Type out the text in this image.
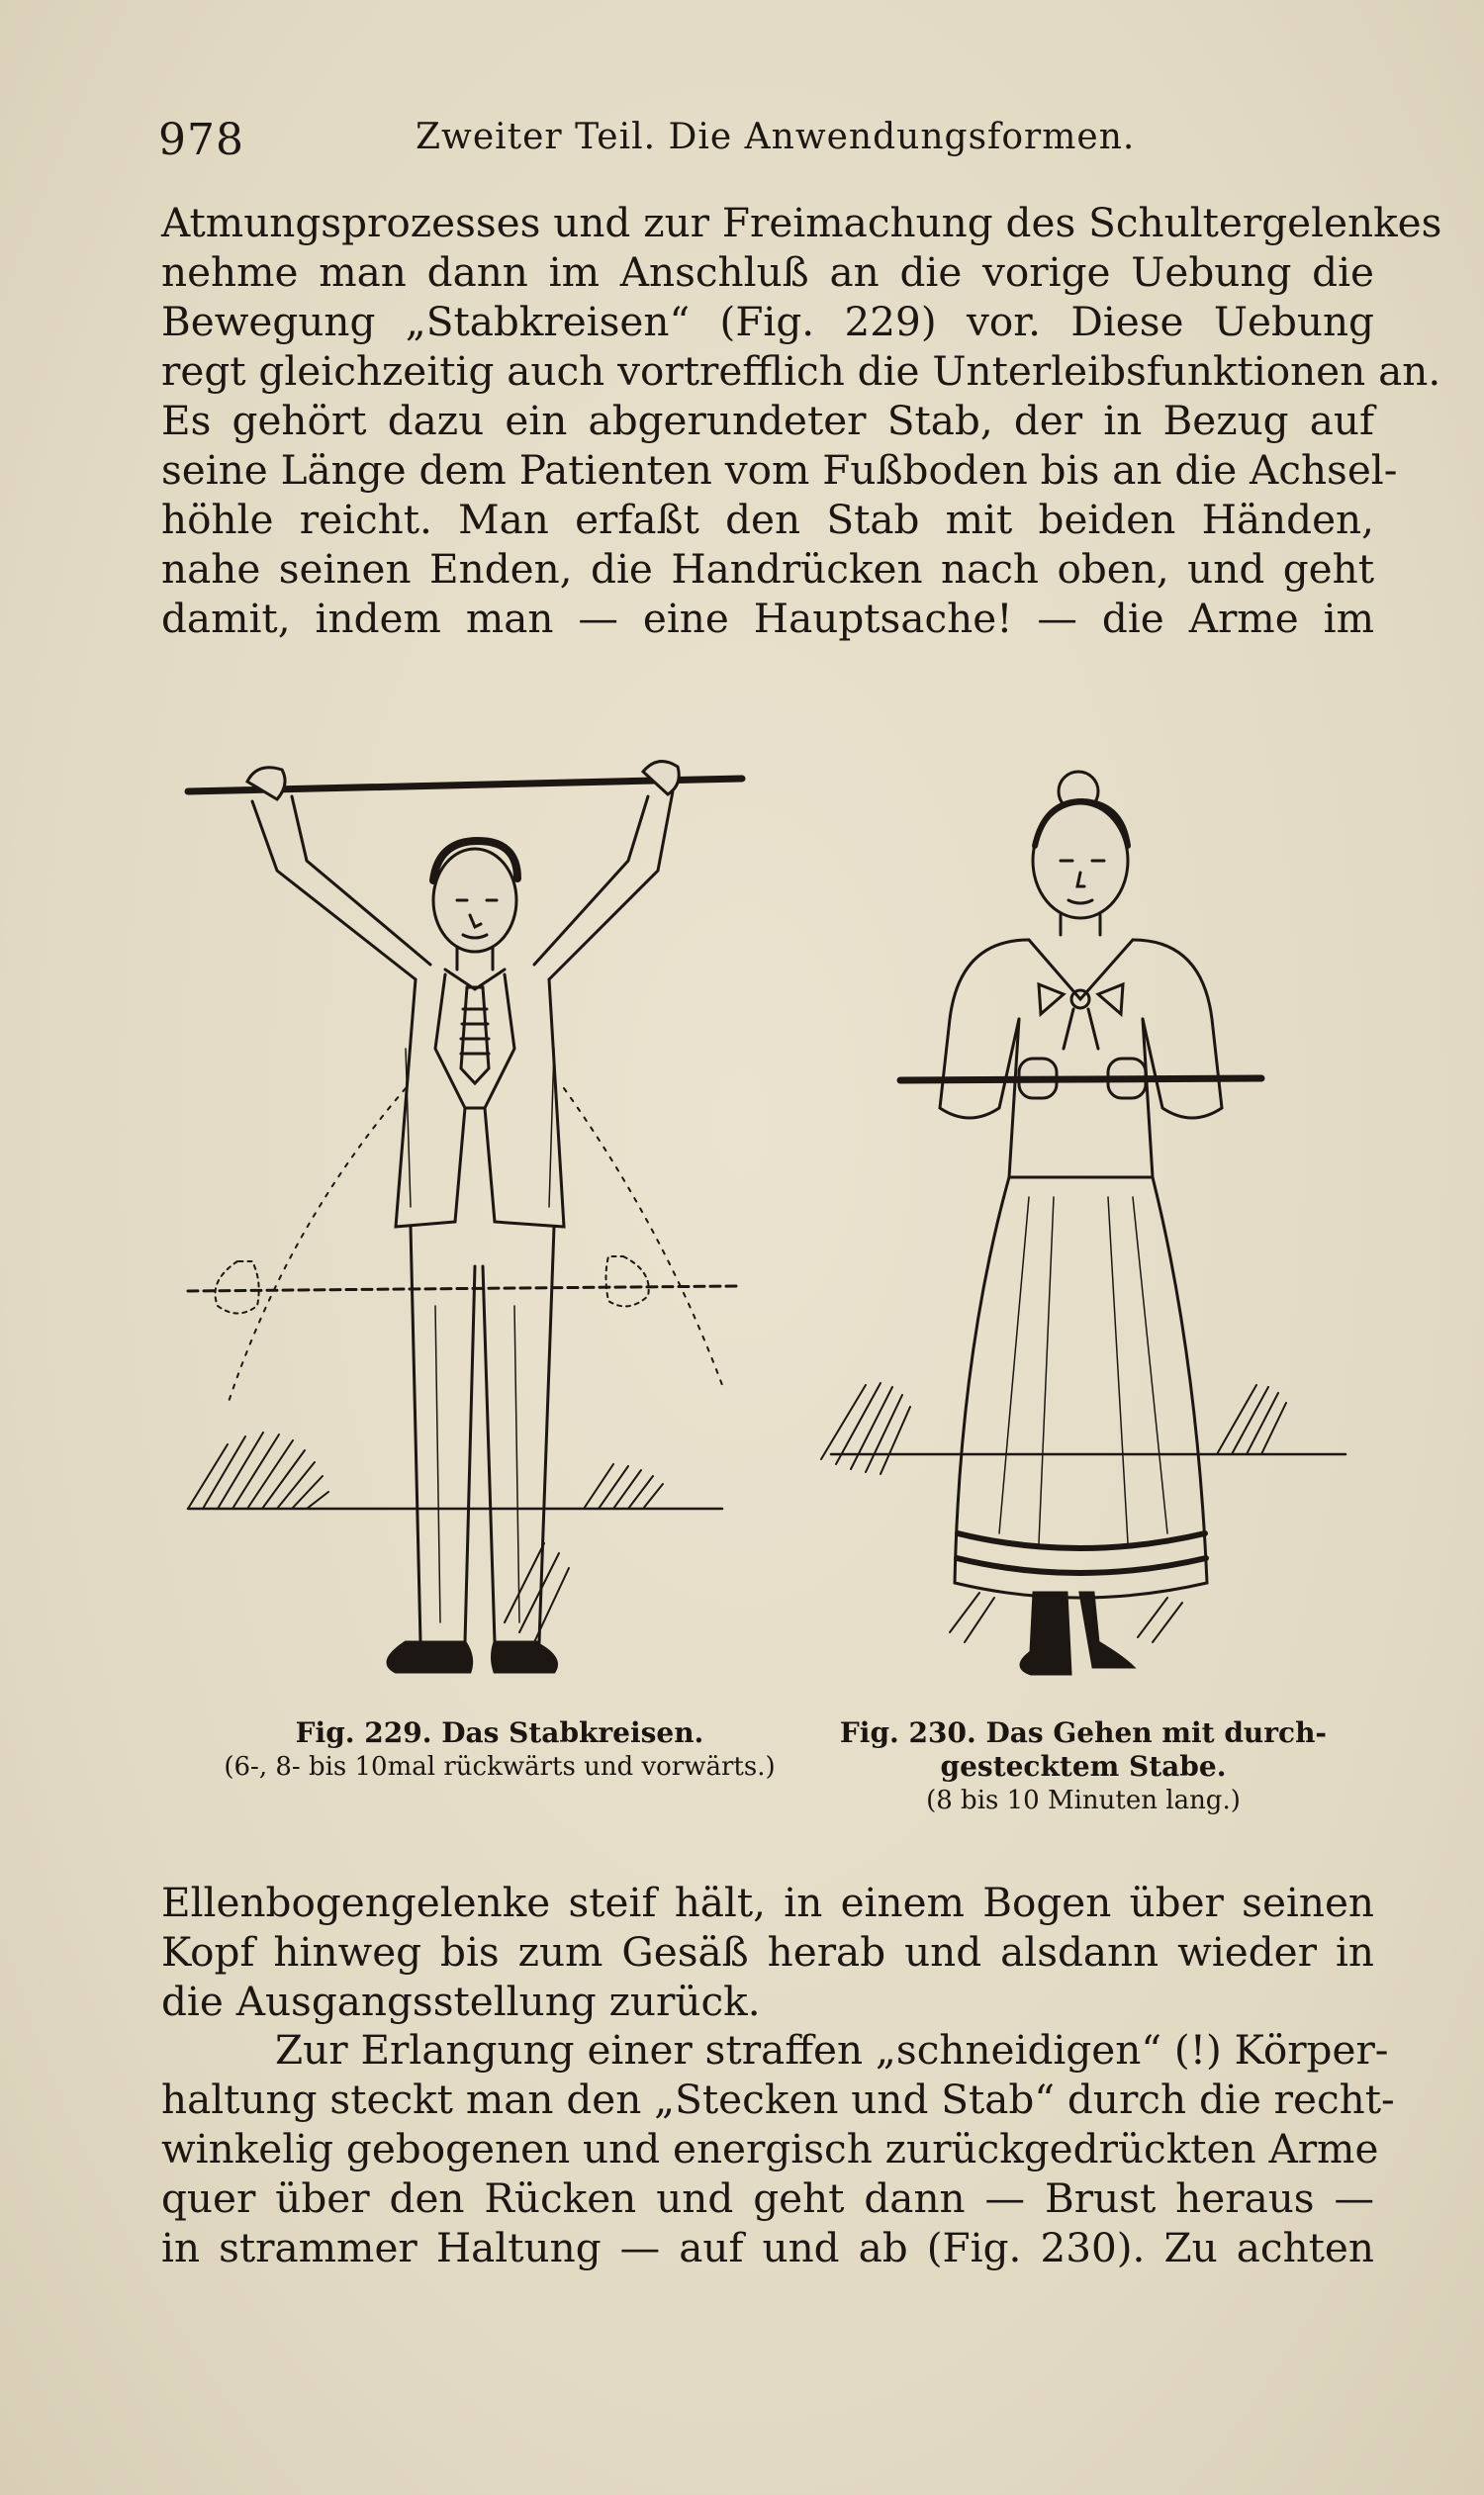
978	Zweiter Teil. Die Anwendungsformen.
Atmungsprozesses und zur Freimachung des Schultergelenkes
nehme man dann im Anschluß an die vorige Uebung die
Bewegung „Stabkreisen“ (Fig. 229) vor. Diese Uebung
regt gleichzeitig auch vortrefflich die Unterleibsfunktionen an.
Es gehört dazu ein abgerundeter Stab, der in Bezug auf
seine Länge dem Patienten vom Fußboden bis an die Achsel-
höhle reicht. Man erfaßt den Stab mit beiden Händen,
nahe seinen Enden, die Handrücken nach oben, und geht
damit, indem man — eine Hauptsache! — die Arme im
Fig. 229. Das Stabkreisen.
(6-, 8- bis 10mal rückwärts und vorwärts.)
Fig. 230. Das Gehen mit durch-
gestecktem Stabe.
(8 bis 10 Minuten lang.)
Ellenbogengelenke steif hält, in einem Bogen über seinen
Kopf hinweg bis zum Gesäß herab und alsdann wieder in
die Ausgangsstellung zurück.
Zur Erlangung einer straffen „schneidigen“ (!) Körper-
haltung steckt man den „Stecken und Stab“ durch die recht-
winkelig gebogenen und energisch zurückgedrückten Arme
quer über den Rücken und geht dann — Brust heraus —
in strammer Haltung — auf und ab (Fig. 230). Zu achten
